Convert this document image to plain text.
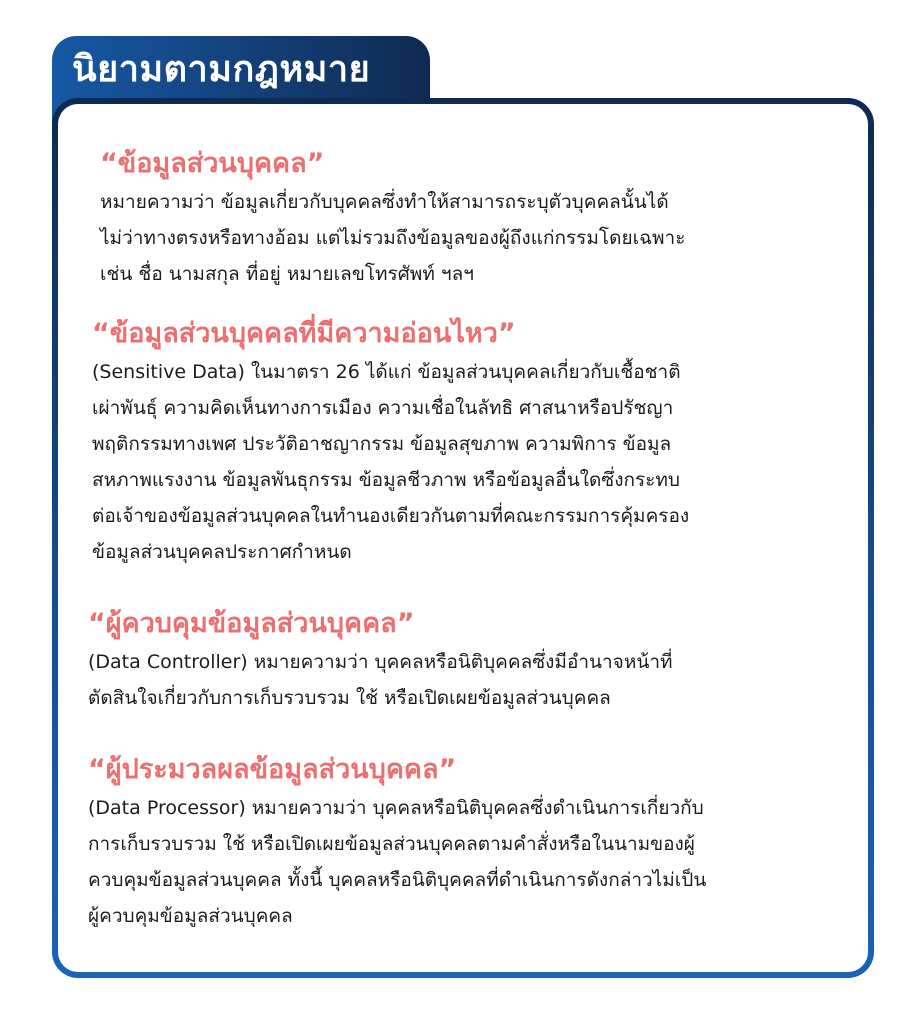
นิยามตามกฎหมาย
“ข้อมูลส่วนบุคคล”
หมายความว่า ข้อมูลเกี่ยวกับบุคคลซึ่งทำให้สามารถระบุตัวบุคคลนั้นได้
ไม่ว่าทางตรงหรือทางอ้อม แต่ไม่รวมถึงข้อมูลของผู้ถึงแก่กรรมโดยเฉพาะ
เช่น ชื่อ นามสกุล ที่อยู่ หมายเลขโทรศัพท์ ฯลฯ
“ข้อมูลส่วนบุคคลที่มีความอ่อนไหว”
(Sensitive Data) ในมาตรา 26 ได้แก่ ข้อมูลส่วนบุคคลเกี่ยวกับเชื้อชาติ
เผ่าพันธุ์ ความคิดเห็นทางการเมือง ความเชื่อในลัทธิ ศาสนาหรือปรัชญา
พฤติกรรมทางเพศ ประวัติอาชญากรรม ข้อมูลสุขภาพ ความพิการ ข้อมูล
สหภาพแรงงาน ข้อมูลพันธุกรรม ข้อมูลชีวภาพ หรือข้อมูลอื่นใดซึ่งกระทบ
ต่อเจ้าของข้อมูลส่วนบุคคลในทำนองเดียวกันตามที่คณะกรรมการคุ้มครอง
ข้อมูลส่วนบุคคลประกาศกำหนด
“ผู้ควบคุมข้อมูลส่วนบุคคล”
(Data Controller) หมายความว่า บุคคลหรือนิติบุคคลซึ่งมีอำนาจหน้าที่
ตัดสินใจเกี่ยวกับการเก็บรวบรวม ใช้ หรือเปิดเผยข้อมูลส่วนบุคคล
“ผู้ประมวลผลข้อมูลส่วนบุคคล”
(Data Processor) หมายความว่า บุคคลหรือนิติบุคคลซึ่งดำเนินการเกี่ยวกับ
การเก็บรวบรวม ใช้ หรือเปิดเผยข้อมูลส่วนบุคคลตามคำสั่งหรือในนามของผู้
ควบคุมข้อมูลส่วนบุคคล ทั้งนี้ บุคคลหรือนิติบุคคลที่ดำเนินการดังกล่าวไม่เป็น
ผู้ควบคุมข้อมูลส่วนบุคคล
